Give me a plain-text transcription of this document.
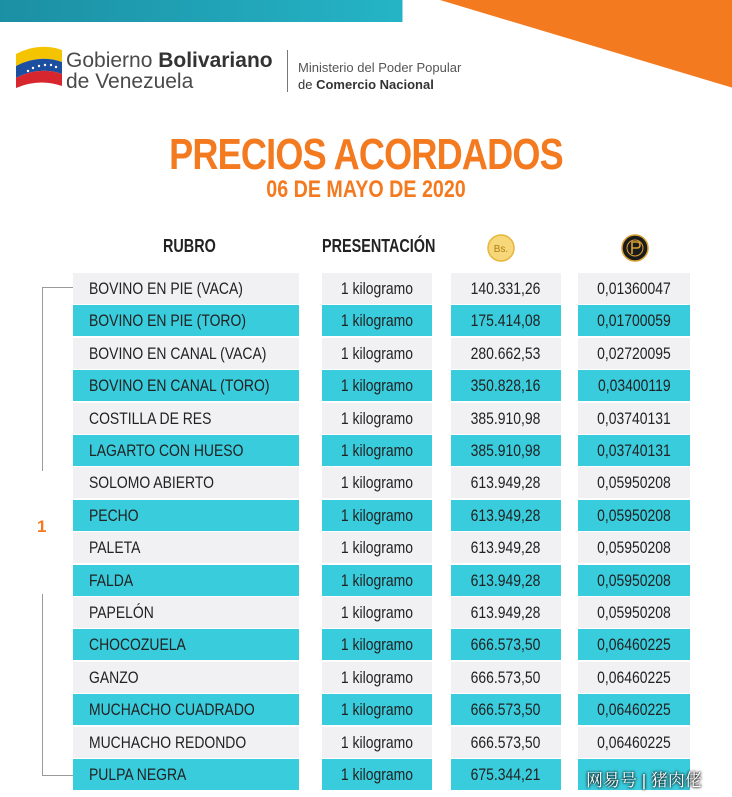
Gobierno Bolivariano
de Venezuela
Ministerio del Poder Popular
de Comercio Nacional
PRECIOS ACORDADOS
06 DE MAYO DE 2020
RUBRO	PRESENTACIÓN	Bs.
1
BOVINO EN PIE (VACA)	1 kilogramo	140.331,26	0,01360047
BOVINO EN PIE (TORO)	1 kilogramo	175.414,08	0,01700059
BOVINO EN CANAL (VACA)	1 kilogramo	280.662,53	0,02720095
BOVINO EN CANAL (TORO)	1 kilogramo	350.828,16	0,03400119
COSTILLA DE RES	1 kilogramo	385.910,98	0,03740131
LAGARTO CON HUESO	1 kilogramo	385.910,98	0,03740131
SOLOMO ABIERTO	1 kilogramo	613.949,28	0,05950208
PECHO	1 kilogramo	613.949,28	0,05950208
PALETA	1 kilogramo	613.949,28	0,05950208
FALDA	1 kilogramo	613.949,28	0,05950208
PAPELÓN	1 kilogramo	613.949,28	0,05950208
CHOCOZUELA	1 kilogramo	666.573,50	0,06460225
GANZO	1 kilogramo	666.573,50	0,06460225
MUCHACHO CUADRADO	1 kilogramo	666.573,50	0,06460225
MUCHACHO REDONDO	1 kilogramo	666.573,50	0,06460225
PULPA NEGRA	1 kilogramo	675.344,21	网易号 | 猪肉佬
